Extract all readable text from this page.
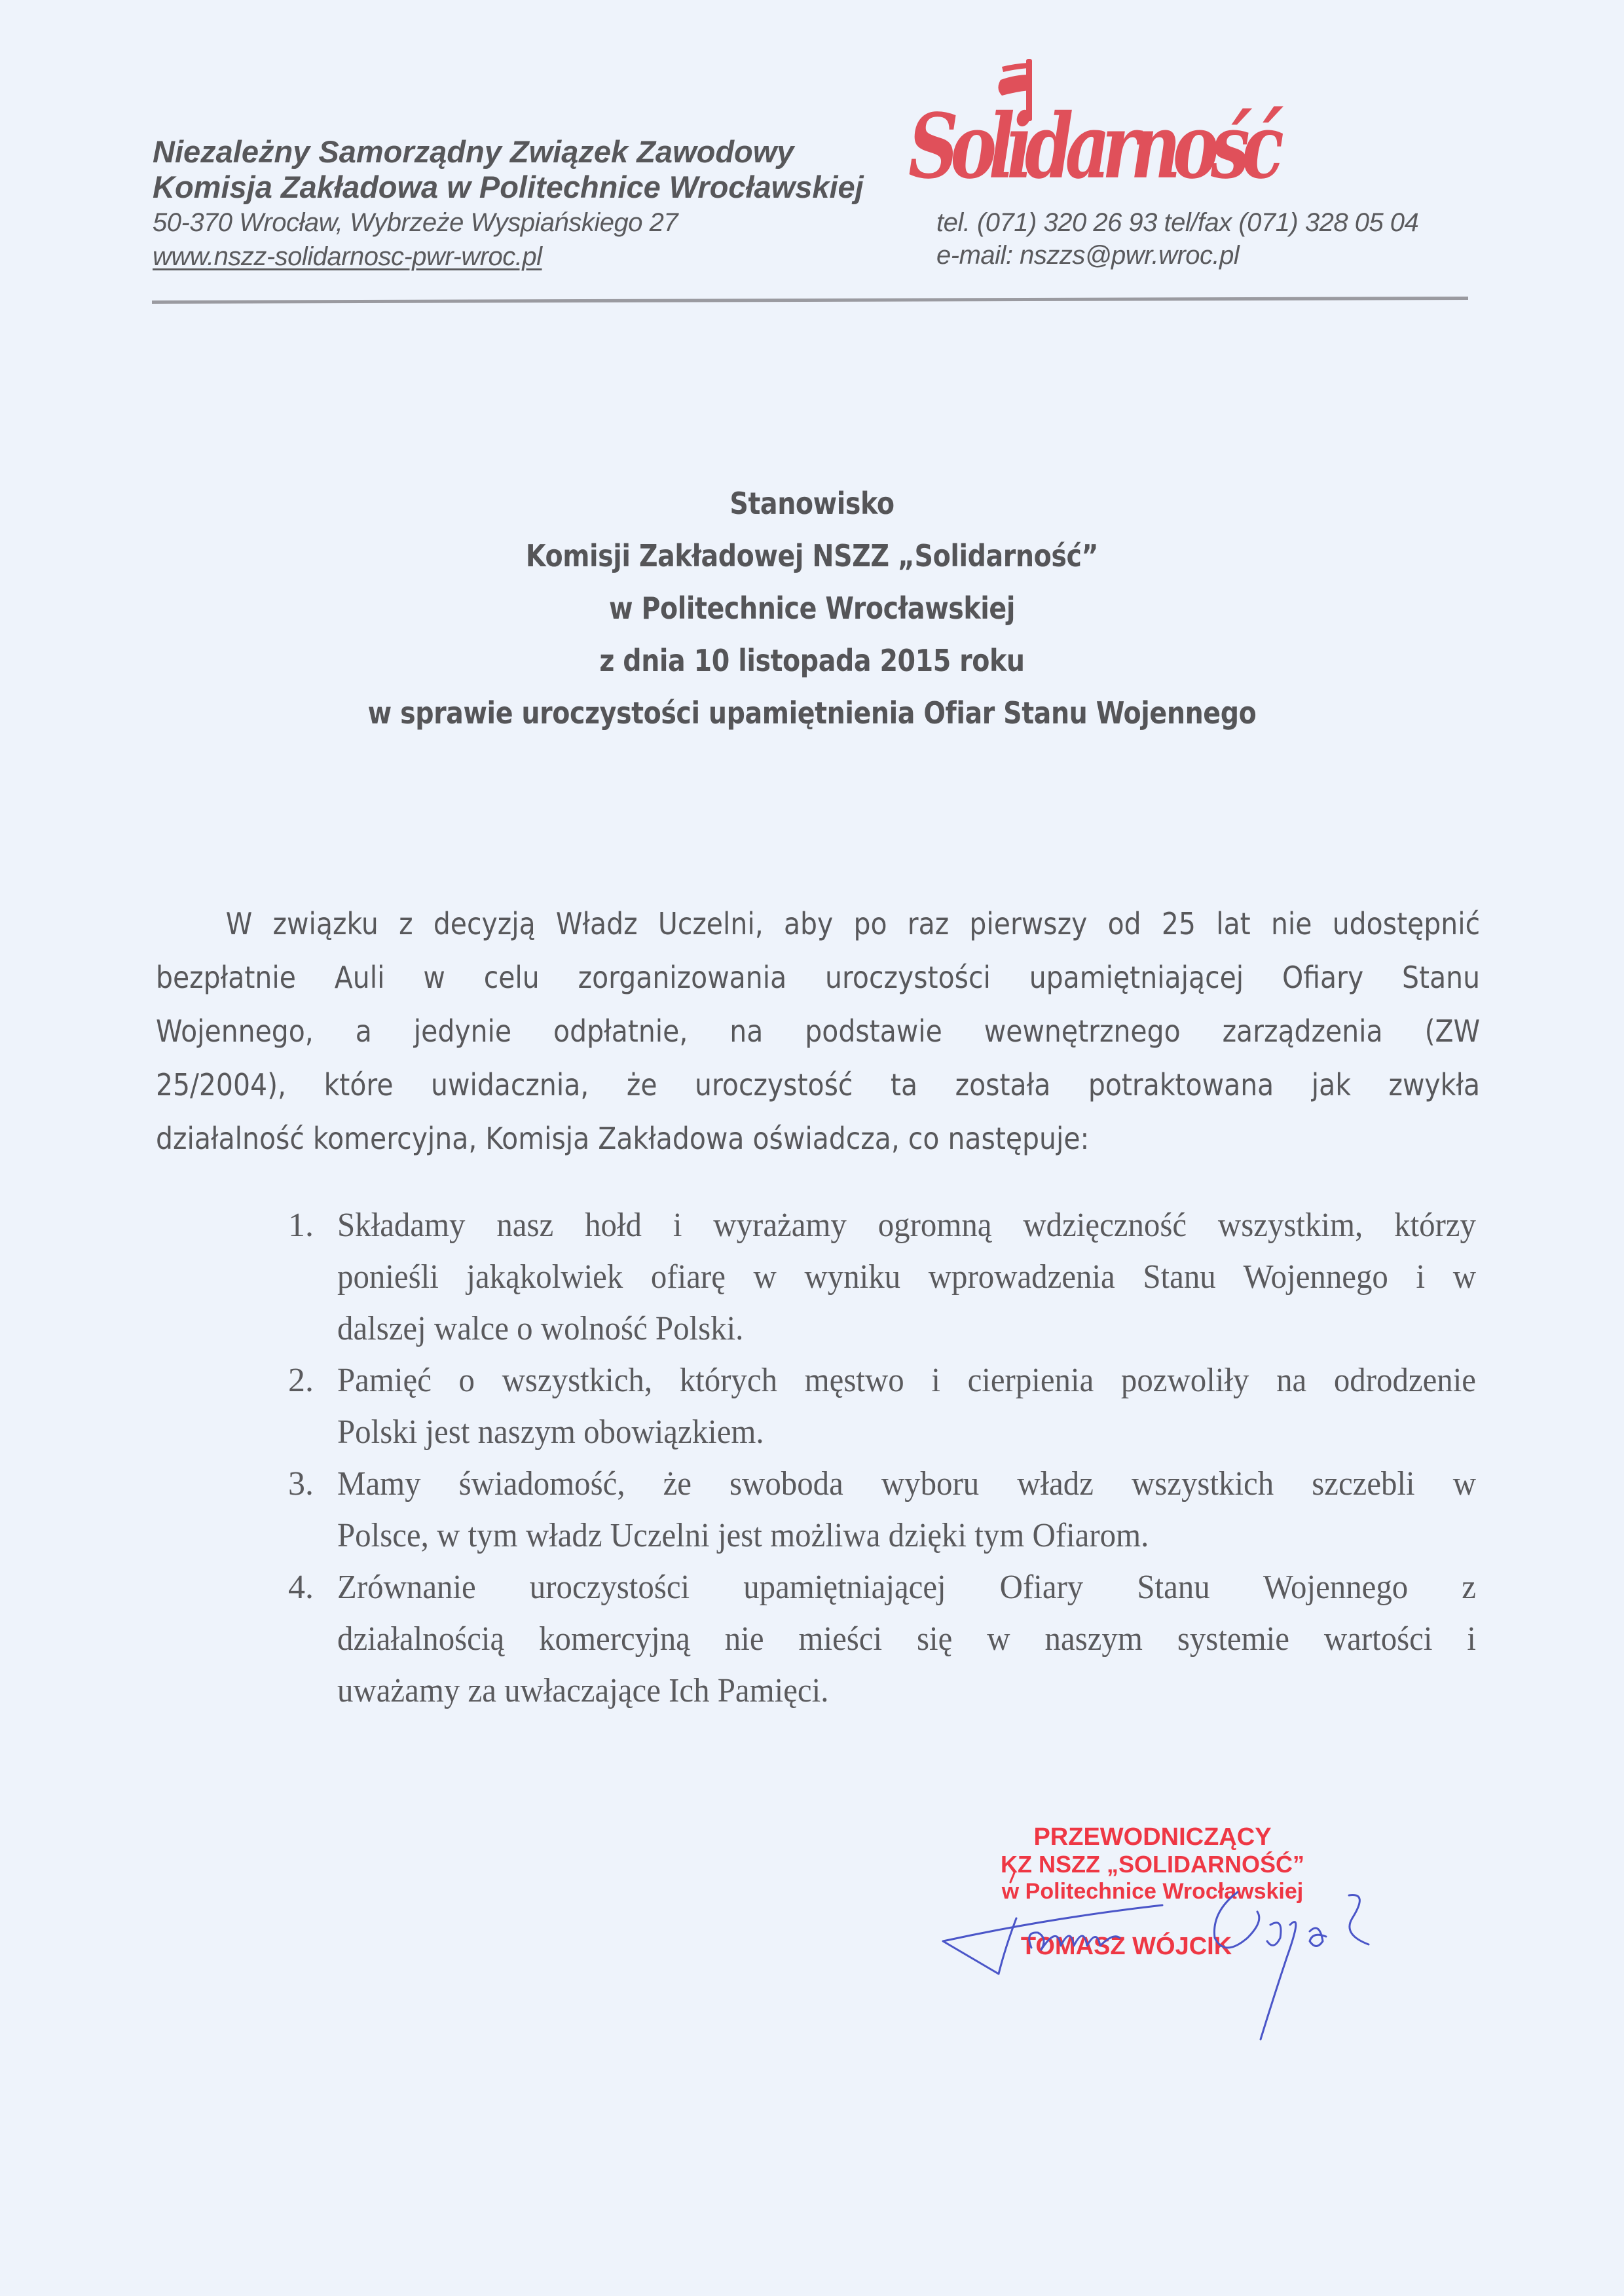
Solidarność
Niezależny Samorządny Związek Zawodowy
Komisja Zakładowa w Politechnice Wrocławskiej
50-370 Wrocław, Wybrzeże Wyspiańskiego 27
www.nszz-solidarnosc-pwr-wroc.pl
tel. (071) 320 26 93 tel/fax (071) 328 05 04
e-mail: nszzs@pwr.wroc.pl
Stanowisko
Komisji Zakładowej NSZZ „Solidarność”
w Politechnice Wrocławskiej
z dnia 10 listopada 2015 roku
w sprawie uroczystości upamiętnienia Ofiar Stanu Wojennego
W związku z decyzją Władz Uczelni, aby po raz pierwszy od 25 lat nie udostępnić
bezpłatnie Auli w celu zorganizowania uroczystości upamiętniającej Ofiary Stanu
Wojennego, a jedynie odpłatnie, na podstawie wewnętrznego zarządzenia (ZW
25/2004), które uwidacznia, że uroczystość ta została potraktowana jak zwykła
działalność komercyjna, Komisja Zakładowa oświadcza, co następuje:
1. Składamy nasz hołd i wyrażamy ogromną wdzięczność wszystkim, którzy
ponieśli jakąkolwiek ofiarę w wyniku wprowadzenia Stanu Wojennego i w
dalszej walce o wolność Polski.
2. Pamięć o wszystkich, których męstwo i cierpienia pozwoliły na odrodzenie
Polski jest naszym obowiązkiem.
3. Mamy świadomość, że swoboda wyboru władz wszystkich szczebli w
Polsce, w tym władz Uczelni jest możliwa dzięki tym Ofiarom.
4. Zrównanie uroczystości upamiętniającej Ofiary Stanu Wojennego z
działalnością komercyjną nie mieści się w naszym systemie wartości i
uważamy za uwłaczające Ich Pamięci.
PRZEWODNICZĄCY
KZ NSZZ „SOLIDARNOŚĆ”
w Politechnice Wrocławskiej
TOMASZ WÓJCIK
